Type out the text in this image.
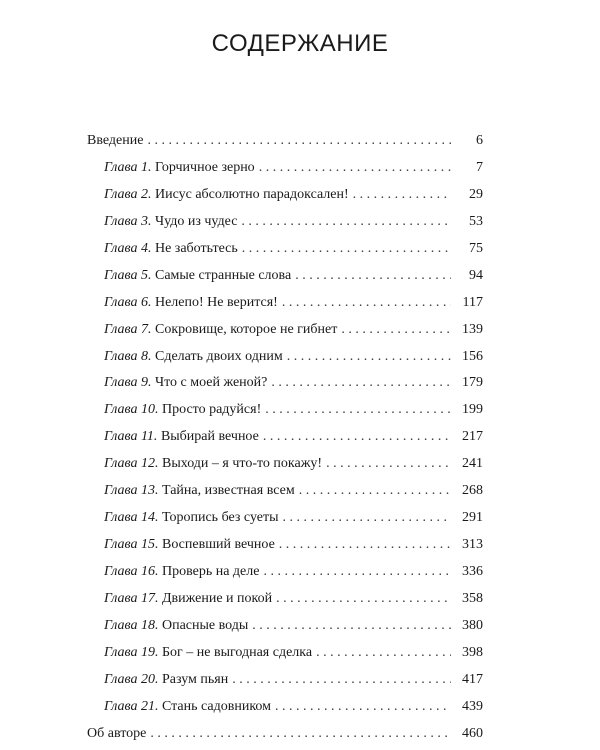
СОДЕРЖАНИЕ
Введение . . .	6
Глава 1. Горчичное зерно . . .	7
Глава 2. Иисус абсолютно парадоксален! . . .	29
Глава 3. Чудо из чудес . . .	53
Глава 4. Не заботьтесь . . .	75
Глава 5. Самые странные слова . . .	94
Глава 6. Нелепо! Не верится! . . .	117
Глава 7. Сокровище, которое не гибнет . . .	139
Глава 8. Сделать двоих одним . . .	156
Глава 9. Что с моей женой? . . .	179
Глава 10. Просто радуйся! . . .	199
Глава 11. Выбирай вечное . . .	217
Глава 12. Выходи – я что-то покажу! . . .	241
Глава 13. Тайна, известная всем . . .	268
Глава 14. Торопись без суеты . . .	291
Глава 15. Воспевший вечное . . .	313
Глава 16. Проверь на деле . . .	336
Глава 17. Движение и покой . . .	358
Глава 18. Опасные воды . . .	380
Глава 19. Бог – не выгодная сделка . . .	398
Глава 20. Разум пьян . . .	417
Глава 21. Стань садовником . . .	439
Об авторе . . .	460
